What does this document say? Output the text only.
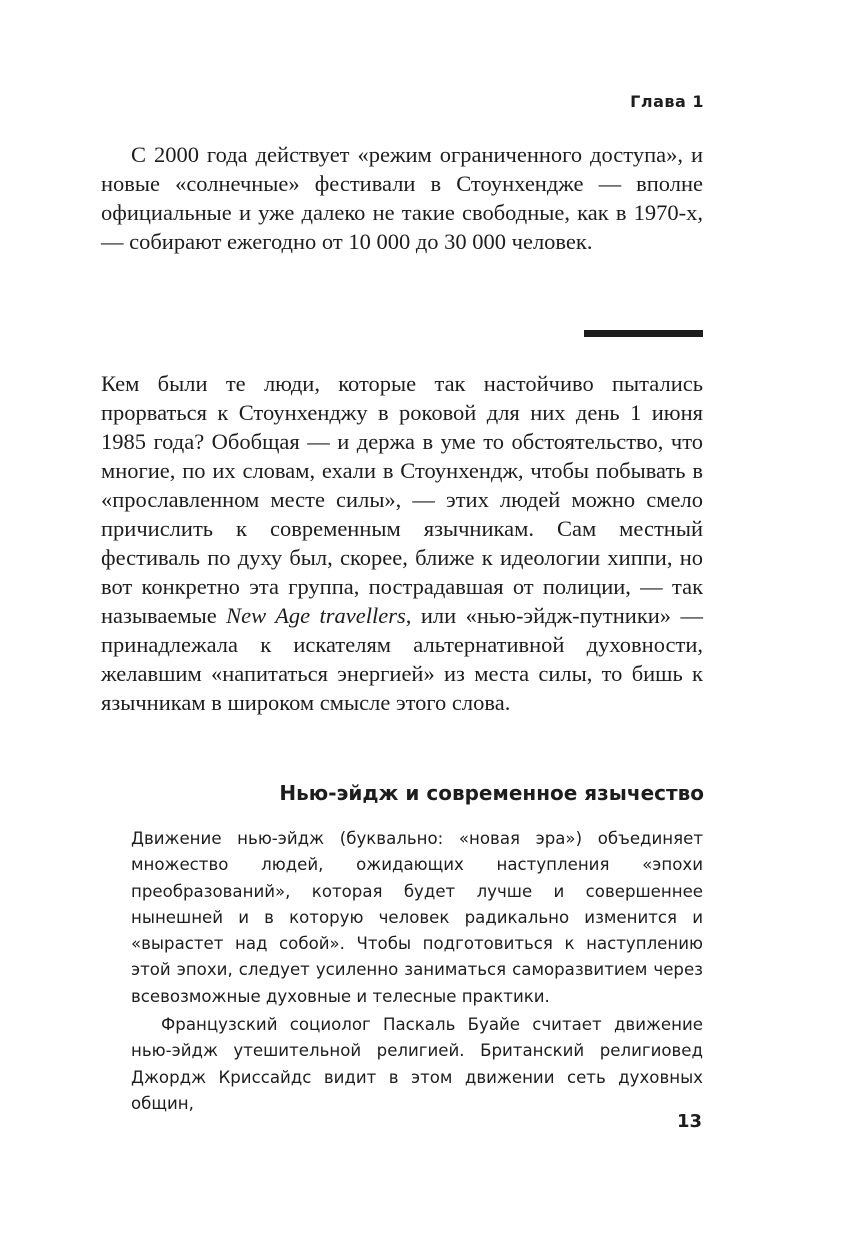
Глава 1

С 2000 года действует «режим ограниченного доступа», и новые «солнечные» фестивали в Стоунхендже — вполне официальные и уже далеко не такие свободные, как в 1970-х, — собирают ежегодно от 10 000 до 30 000 человек.

Кем были те люди, которые так настойчиво пытались прорваться к Стоунхенджу в роковой для них день 1 июня 1985 года? Обобщая — и держа в уме то обстоятельство, что многие, по их словам, ехали в Стоунхендж, чтобы побывать в «прославленном месте силы», — этих людей можно смело причислить к современным язычникам. Сам местный фестиваль по духу был, скорее, ближе к идеологии хиппи, но вот конкретно эта группа, пострадавшая от полиции, — так называемые New Age travellers, или «нью-эйдж-путники» — принадлежала к искателям альтернативной духовности, желавшим «напитаться энергией» из места силы, то бишь к язычникам в широком смысле этого слова.

Нью-эйдж и современное язычество

Движение нью-эйдж (буквально: «новая эра») объединяет множество людей, ожидающих наступления «эпохи преобразований», которая будет лучше и совершеннее нынешней и в которую человек радикально изменится и «вырастет над собой». Чтобы подготовиться к наступлению этой эпохи, следует усиленно заниматься саморазвитием через всевозможные духовные и телесные практики.

Французский социолог Паскаль Буайе считает движение нью-эйдж утешительной религией. Британский религиовед Джордж Криссайдс видит в этом движении сеть духовных общин,

13
